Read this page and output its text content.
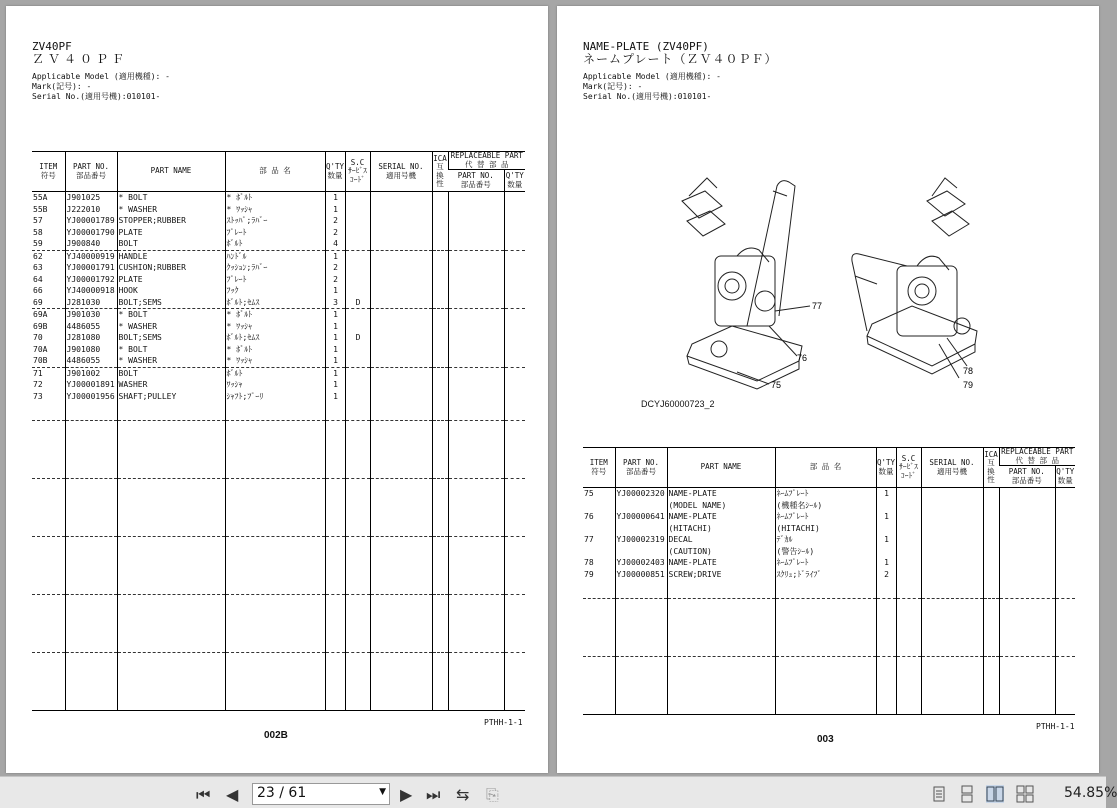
ZV40PF
ＺＶ４０ＰＦ
Applicable Model (適用機種): -
Mark(記号): -
Serial No.(適用号機):010101-
ITEM
符号	PART NO.
部品番号	PART NAME	部 品 名	Q'TY
数量	S.C
ｻｰﾋﾞｽ
ｺｰﾄﾞ	SERIAL NO.
適用号機	ICA
互
換
性	REPLACEABLE PART
代 替 部 品	
								PART NO.
部品番号	Q'TY
数量
55A	J901025	* BOLT	* ﾎﾞﾙﾄ	1					
55B	J222010	* WASHER	* ﾜｯｼｬ	1					
57	YJ00001789	STOPPER;RUBBER	ｽﾄｯﾊﾟ;ﾗﾊﾞｰ	2					
58	YJ00001790	PLATE	ﾌﾟﾚｰﾄ	2					
59	J900840	BOLT	ﾎﾞﾙﾄ	4					
62	YJ40000919	HANDLE	ﾊﾝﾄﾞﾙ	1					
63	YJ00001791	CUSHION;RUBBER	ｸｯｼｮﾝ;ﾗﾊﾞｰ	2					
64	YJ00001792	PLATE	ﾌﾟﾚｰﾄ	2					
66	YJ40000918	HOOK	ﾌｯｸ	1					
69	J281030	BOLT;SEMS	ﾎﾞﾙﾄ;ｾﾑｽ	3	D				
69A	J901030	* BOLT	* ﾎﾞﾙﾄ	1					
69B	4486055	* WASHER	* ﾜｯｼｬ	1					
70	J281080	BOLT;SEMS	ﾎﾞﾙﾄ;ｾﾑｽ	1	D				
70A	J901080	* BOLT	* ﾎﾞﾙﾄ	1					
70B	4486055	* WASHER	* ﾜｯｼｬ	1					
71	J901002	BOLT	ﾎﾞﾙﾄ	1					
72	YJ00001891	WASHER	ﾜｯｼｬ	1					
73	YJ00001956	SHAFT;PULLEY	ｼｬﾌﾄ;ﾌﾟｰﾘ	1					

PTHH-1-1
002B
NAME-PLATE (ZV40PF)
ネームプレート（ＺＶ４０ＰＦ）
Applicable Model (適用機種): -
Mark(記号): -
Serial No.(適用号機):010101-
77
76
75
78
79
DCYJ60000723_2
ITEM
符号	PART NO.
部品番号	PART NAME	部 品 名	Q'TY
数量	S.C
ｻｰﾋﾞｽ
ｺｰﾄﾞ	SERIAL NO.
適用号機	ICA
互
換
性	REPLACEABLE PART
代 替 部 品	
								PART NO.
部品番号	Q'TY
数量
75	YJ00002320	NAME-PLATE	ﾈｰﾑﾌﾟﾚｰﾄ	1					
		(MODEL NAME)	(機種名ｼｰﾙ)						
76	YJ00000641	NAME-PLATE	ﾈｰﾑﾌﾟﾚｰﾄ	1					
		(HITACHI)	(HITACHI)						
77	YJ00002319	DECAL	ﾃﾞｶﾙ	1					
		(CAUTION)	(警告ｼｰﾙ)						
78	YJ00002403	NAME-PLATE	ﾈｰﾑﾌﾟﾚｰﾄ	1					
79	YJ00000851	SCREW;DRIVE	ｽｸﾘｭ;ﾄﾞﾗｲﾌﾞ	2					

PTHH-1-1
003
⏮ ◀ 23 / 61	▼ ▶ ⏭ ⇆ ⎘	54.85%
